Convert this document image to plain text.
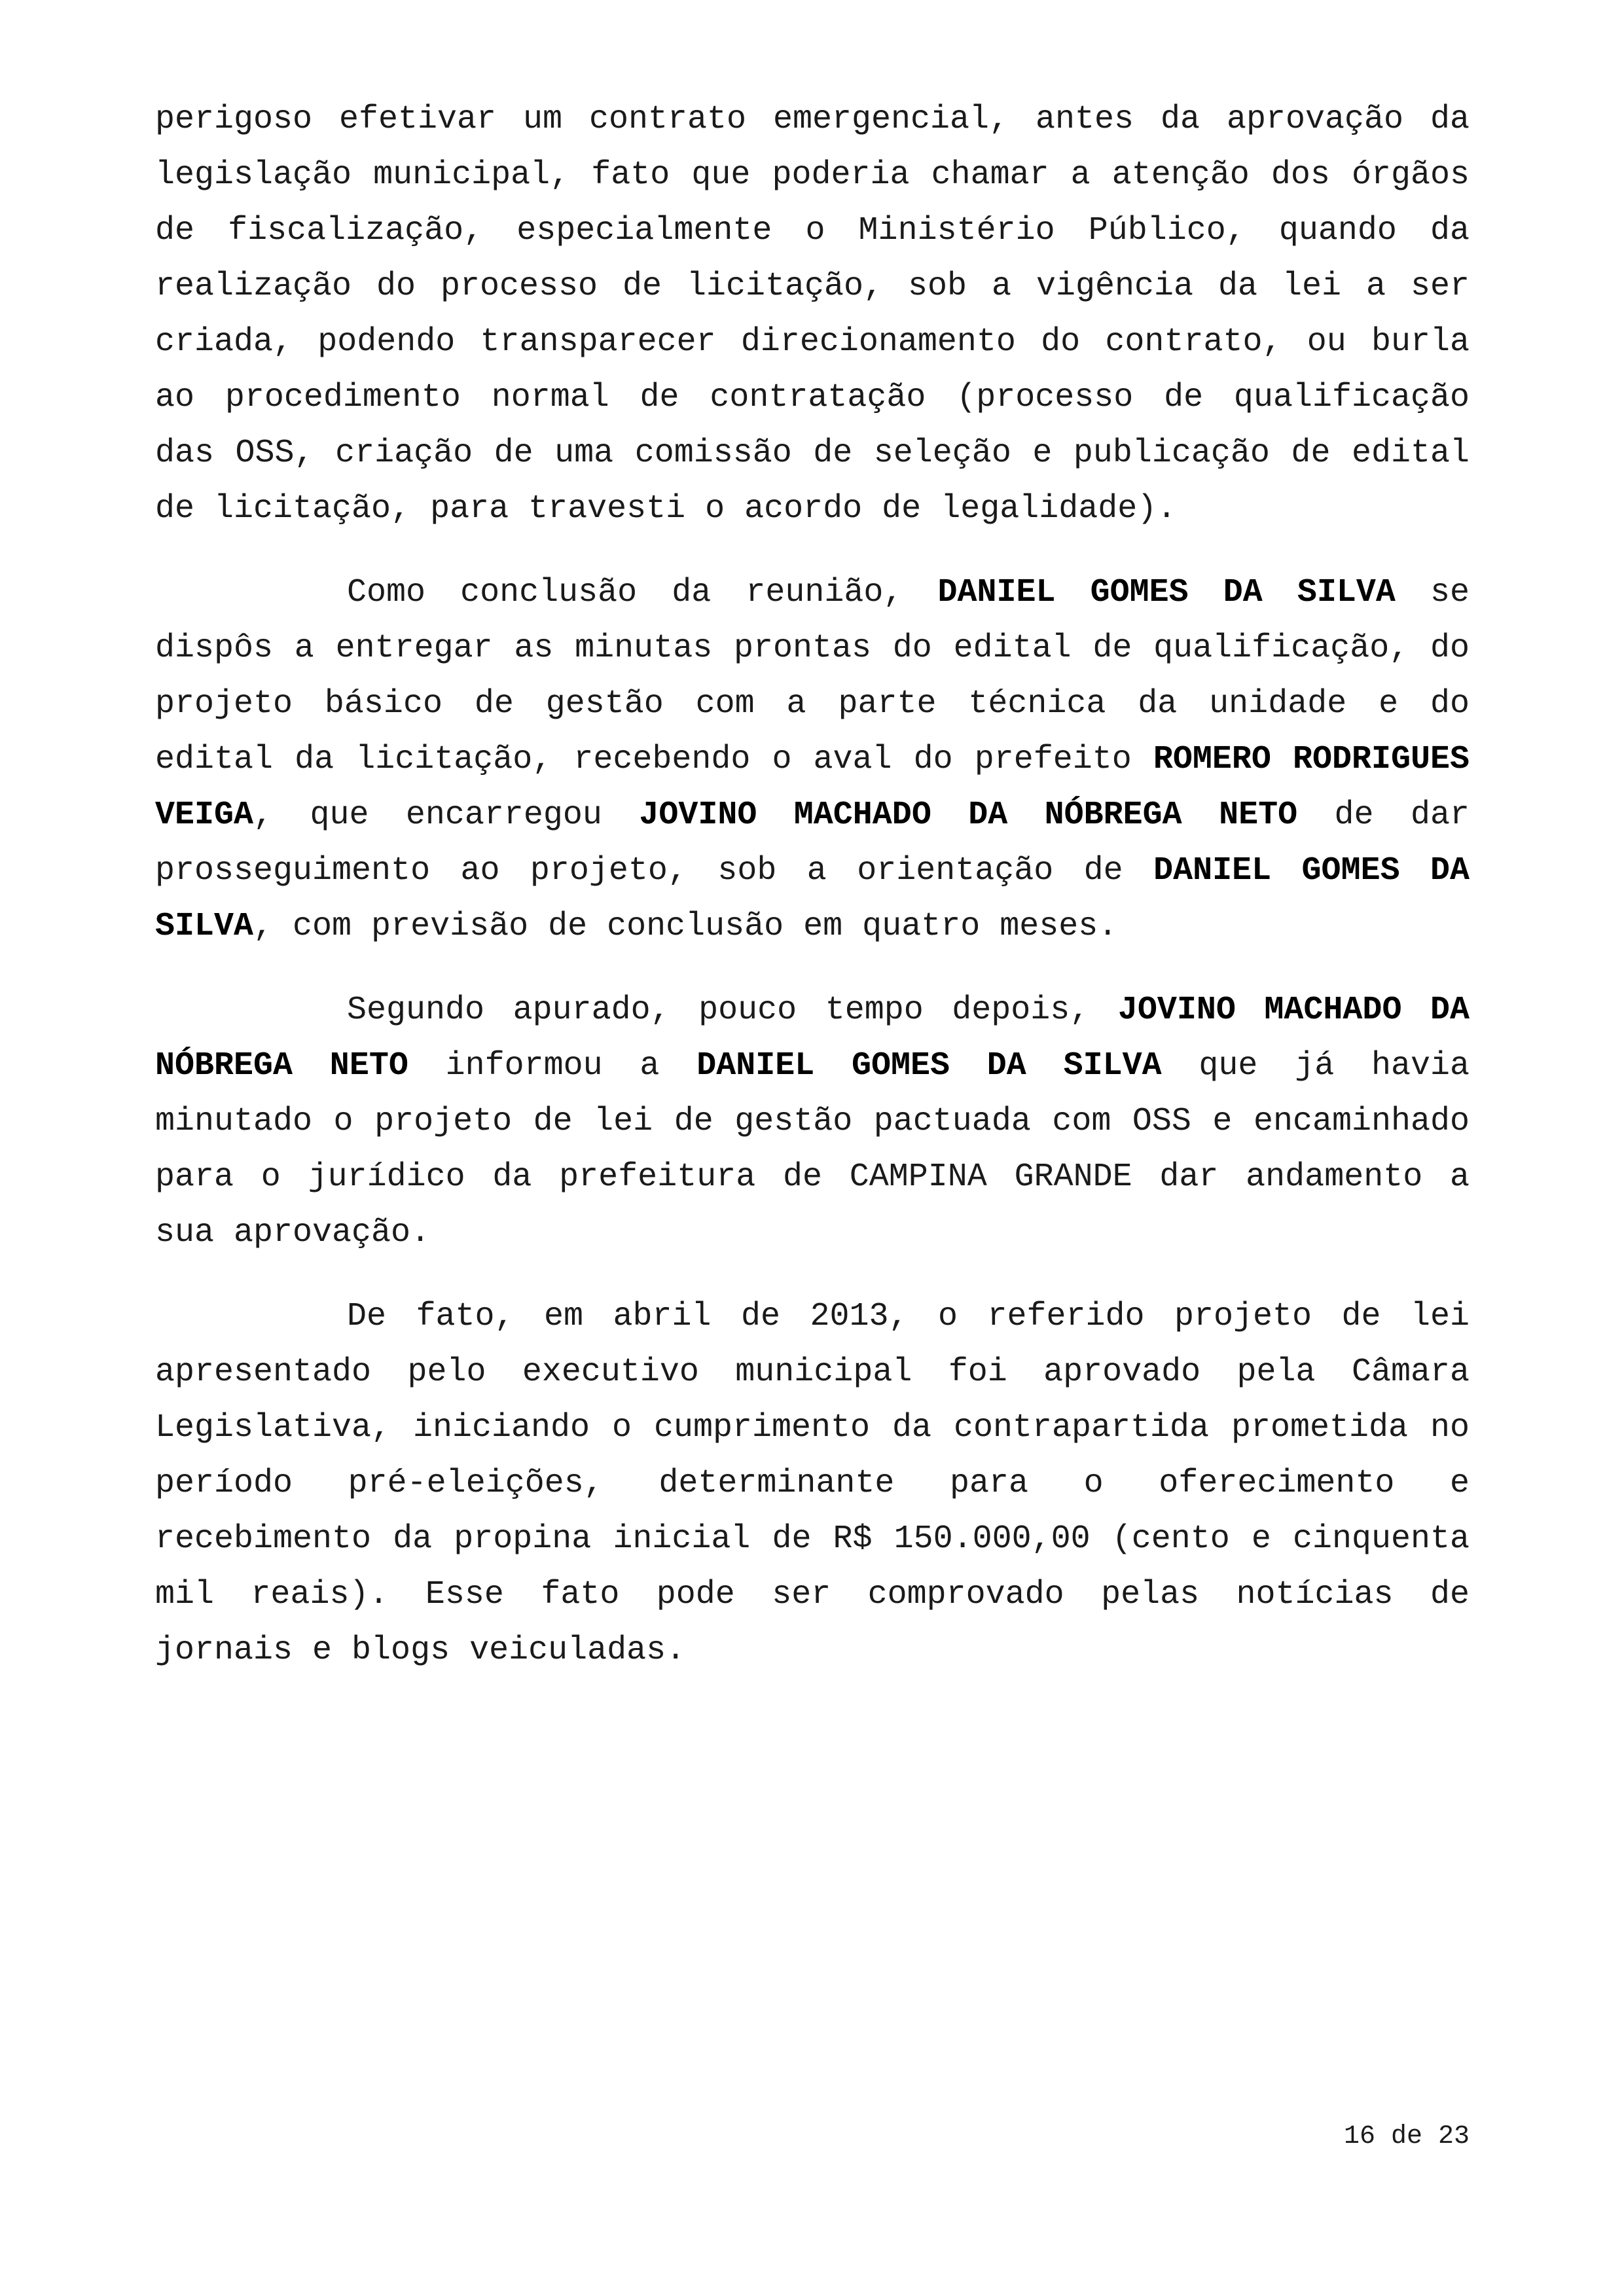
perigoso efetivar um contrato emergencial, antes da aprovação da legislação municipal, fato que poderia chamar a atenção dos órgãos de fiscalização, especialmente o Ministério Público, quando da realização do processo de licitação, sob a vigência da lei a ser criada, podendo transparecer direcionamento do contrato, ou burla ao procedimento normal de contratação (processo de qualificação das OSS, criação de uma comissão de seleção e publicação de edital de licitação, para travesti o acordo de legalidade).

Como conclusão da reunião, DANIEL GOMES DA SILVA se dispôs a entregar as minutas prontas do edital de qualificação, do projeto básico de gestão com a parte técnica da unidade e do edital da licitação, recebendo o aval do prefeito ROMERO RODRIGUES VEIGA, que encarregou JOVINO MACHADO DA NÓBREGA NETO de dar prosseguimento ao projeto, sob a orientação de DANIEL GOMES DA SILVA, com previsão de conclusão em quatro meses.

Segundo apurado, pouco tempo depois, JOVINO MACHADO DA NÓBREGA NETO informou a DANIEL GOMES DA SILVA que já havia minutado o projeto de lei de gestão pactuada com OSS e encaminhado para o jurídico da prefeitura de CAMPINA GRANDE dar andamento a sua aprovação.

De fato, em abril de 2013, o referido projeto de lei apresentado pelo executivo municipal foi aprovado pela Câmara Legislativa, iniciando o cumprimento da contrapartida prometida no período pré-eleições, determinante para o oferecimento e recebimento da propina inicial de R$ 150.000,00 (cento e cinquenta mil reais). Esse fato pode ser comprovado pelas notícias de jornais e blogs veiculadas.

16 de 23
